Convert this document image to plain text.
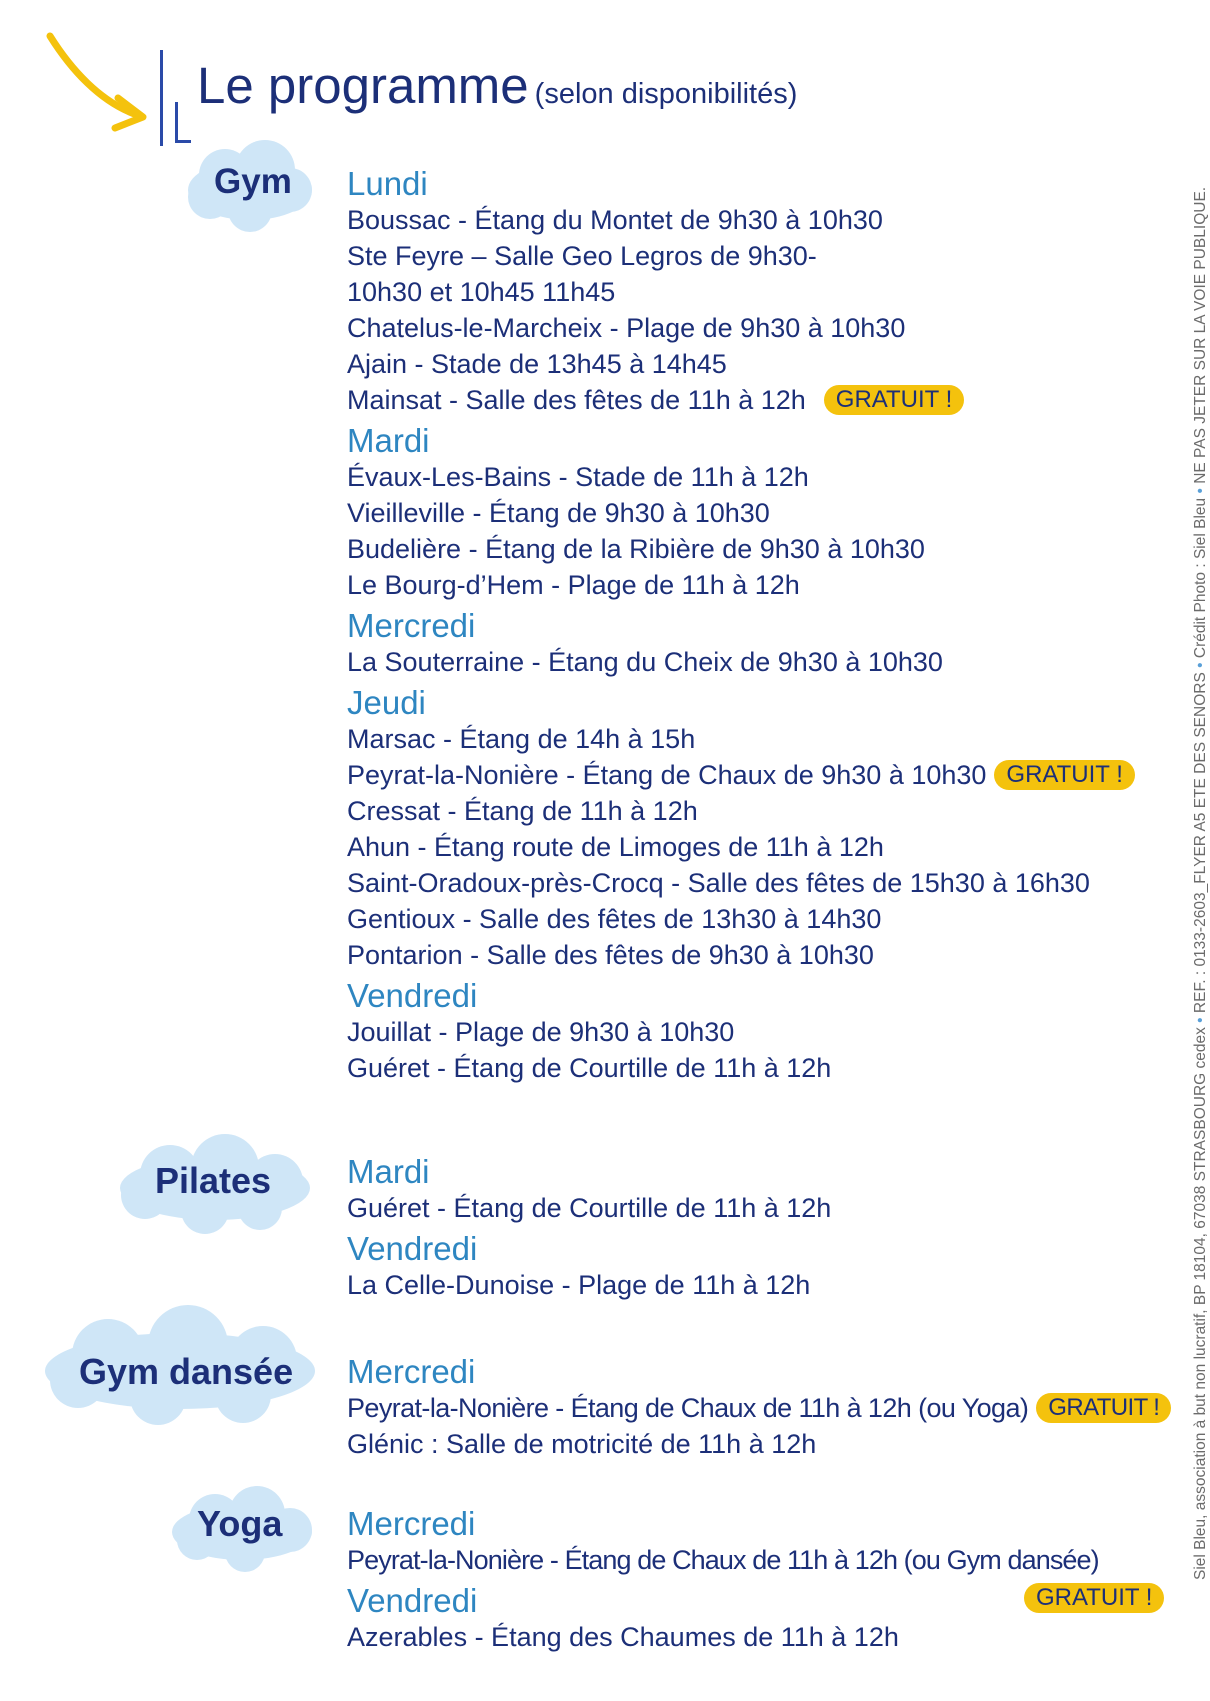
Le programme (selon disponibilités)
Siel Bleu, association à but non lucratif, BP 18104, 67038 STRASBOURG cedex • REF. : 0133-2603_FLYER A5 ETE DES SENORS • Crédit Photo : Siel Bleu • NE PAS JETER SUR LA VOIE PUBLIQUE.
Gym
Pilates
Gym dansée
Yoga

Lundi

Boussac - Étang du Montet de 9h30 à 10h30

Ste Feyre – Salle Geo Legros de 9h30-

10h30 et 10h45 11h45

Chatelus-le-Marcheix - Plage de 9h30 à 10h30

Ajain - Stade de 13h45 à 14h45

Mainsat - Salle des fêtes de 11h à 12h GRATUIT !

Mardi

Évaux-Les-Bains - Stade de 11h à 12h

Vieilleville - Étang de 9h30 à 10h30

Budelière - Étang de la Ribière de 9h30 à 10h30

Le Bourg-d’Hem - Plage de 11h à 12h

Mercredi

La Souterraine - Étang du Cheix de 9h30 à 10h30

Jeudi

Marsac - Étang de 14h à 15h

Peyrat-la-Nonière - Étang de Chaux de 9h30 à 10h30 GRATUIT !

Cressat - Étang de 11h à 12h

Ahun - Étang route de Limoges de 11h à 12h

Saint-Oradoux-près-Crocq - Salle des fêtes de 15h30 à 16h30

Gentioux - Salle des fêtes de 13h30 à 14h30

Pontarion - Salle des fêtes de 9h30 à 10h30

Vendredi

Jouillat - Plage de 9h30 à 10h30

Guéret - Étang de Courtille de 11h à 12h

Mardi

Guéret - Étang de Courtille de 11h à 12h

Vendredi

La Celle-Dunoise - Plage de 11h à 12h

Mercredi

Peyrat-la-Nonière - Étang de Chaux de 11h à 12h (ou Yoga) GRATUIT !

Glénic : Salle de motricité de 11h à 12h

Mercredi

Peyrat-la-Nonière - Étang de Chaux de 11h à 12h (ou Gym dansée)

Vendredi

Azerables - Étang des Chaumes de 11h à 12h

GRATUIT !
